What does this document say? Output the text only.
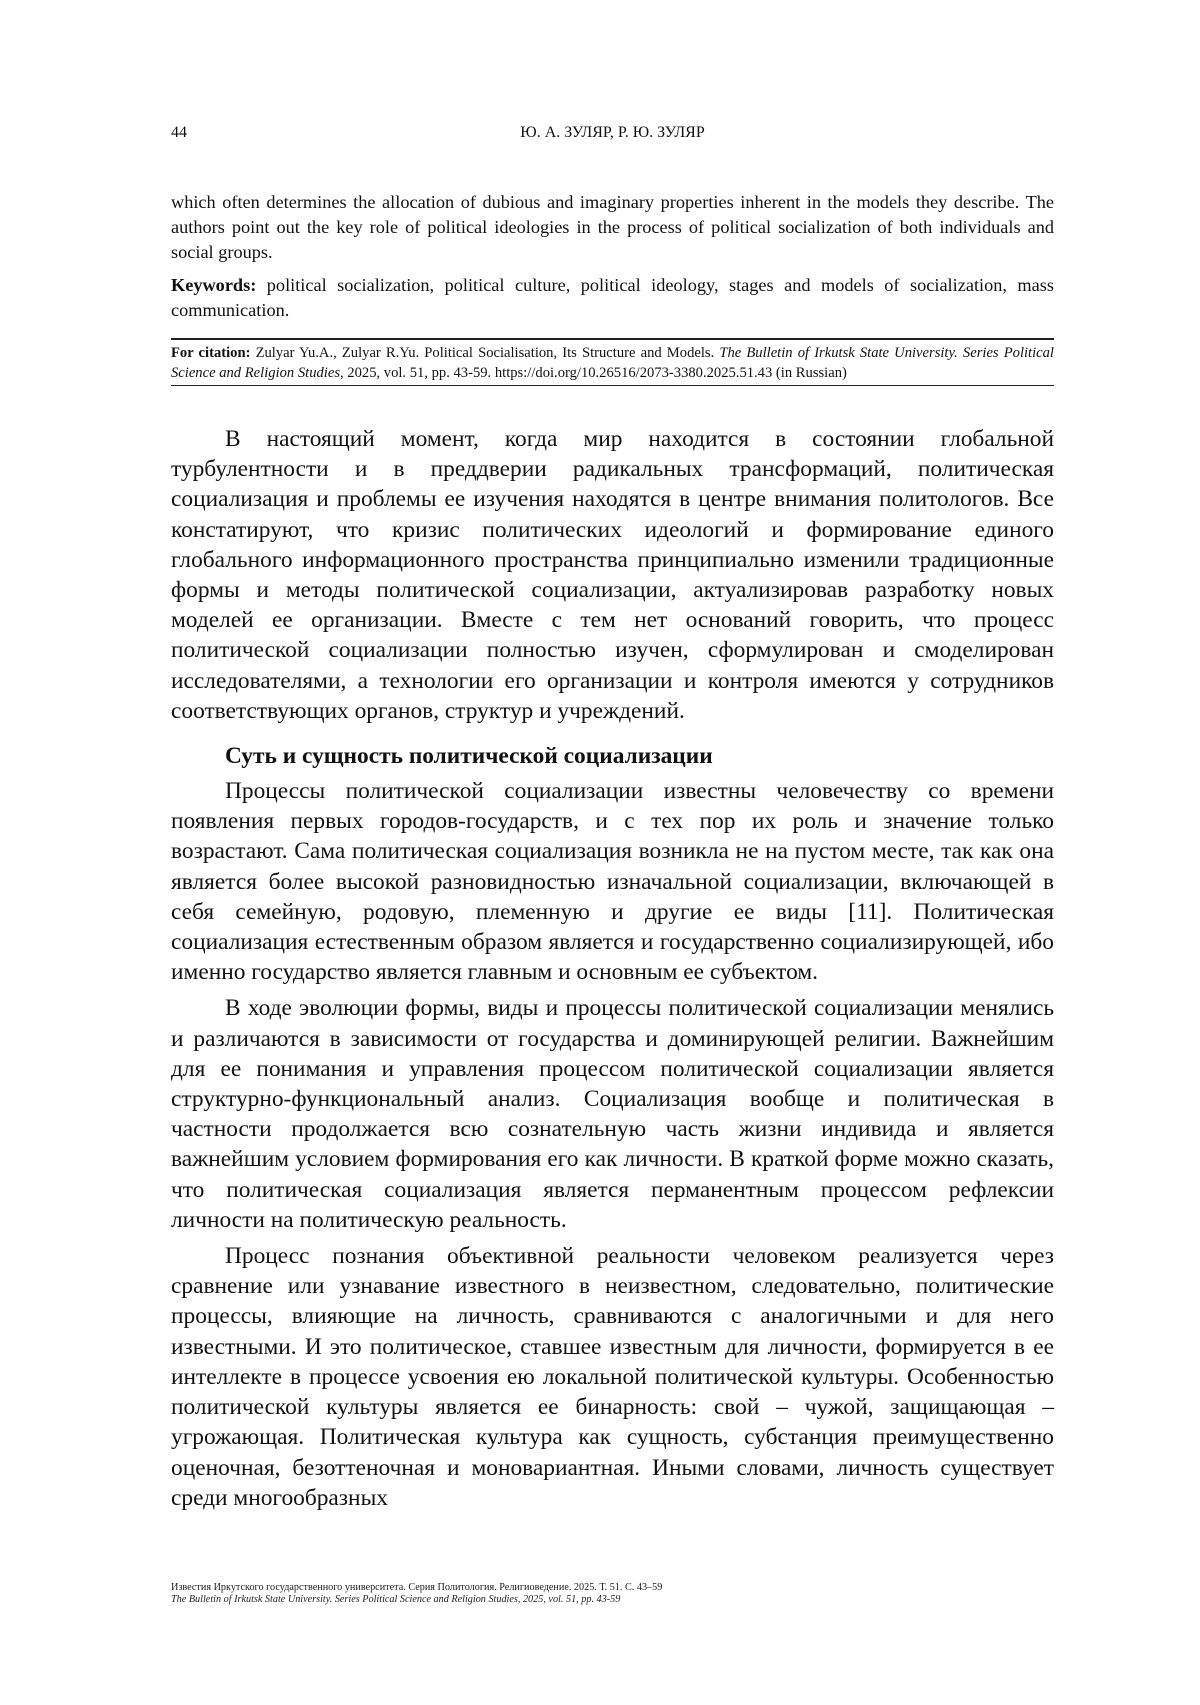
44	Ю. А. ЗУЛЯР, Р. Ю. ЗУЛЯР

which often determines the allocation of dubious and imaginary properties inherent in the models they describe. The authors point out the key role of political ideologies in the process of political socialization of both individuals and social groups.

Keywords: political socialization, political culture, political ideology, stages and models of socialization, mass communication.

For citation: Zulyar Yu.A., Zulyar R.Yu. Political Socialisation, Its Structure and Models. The Bulletin of Irkutsk State University. Series Political Science and Religion Studies, 2025, vol. 51, pp. 43-59. https://doi.org/10.26516/2073-3380.2025.51.43 (in Russian)

В настоящий момент, когда мир находится в состоянии глобальной турбулентности и в преддверии радикальных трансформаций, политическая социализация и проблемы ее изучения находятся в центре внимания политологов. Все констатируют, что кризис политических идеологий и формирование единого глобального информационного пространства принципиально изменили традиционные формы и методы политической социализации, актуализировав разработку новых моделей ее организации. Вместе с тем нет оснований говорить, что процесс политической социализации полностью изучен, сформулирован и смоделирован исследователями, а технологии его организации и контроля имеются у сотрудников соответствующих органов, структур и учреждений.

Суть и сущность политической социализации

Процессы политической социализации известны человечеству со времени появления первых городов-государств, и с тех пор их роль и значение только возрастают. Сама политическая социализация возникла не на пустом месте, так как она является более высокой разновидностью изначальной социализации, включающей в себя семейную, родовую, племенную и другие ее виды [11]. Политическая социализация естественным образом является и государственно социализирующей, ибо именно государство является главным и основным ее субъектом.

В ходе эволюции формы, виды и процессы политической социализации менялись и различаются в зависимости от государства и доминирующей религии. Важнейшим для ее понимания и управления процессом политической социализации является структурно-функциональный анализ. Социализация вообще и политическая в частности продолжается всю сознательную часть жизни индивида и является важнейшим условием формирования его как личности. В краткой форме можно сказать, что политическая социализация является перманентным процессом рефлексии личности на политическую реальность.

Процесс познания объективной реальности человеком реализуется через сравнение или узнавание известного в неизвестном, следовательно, политические процессы, влияющие на личность, сравниваются с аналогичными и для него известными. И это политическое, ставшее известным для личности, формируется в ее интеллекте в процессе усвоения ею локальной политической культуры. Особенностью политической культуры является ее бинарность: свой – чужой, защищающая – угрожающая. Политическая культура как сущность, субстанция преимущественно оценочная, безоттеночная и моновариантная. Иными словами, личность существует среди многообразных

Известия Иркутского государственного университета. Серия Политология. Религиоведение. 2025. Т. 51. С. 43–59
The Bulletin of Irkutsk State University. Series Political Science and Religion Studies, 2025, vol. 51, pp. 43-59
